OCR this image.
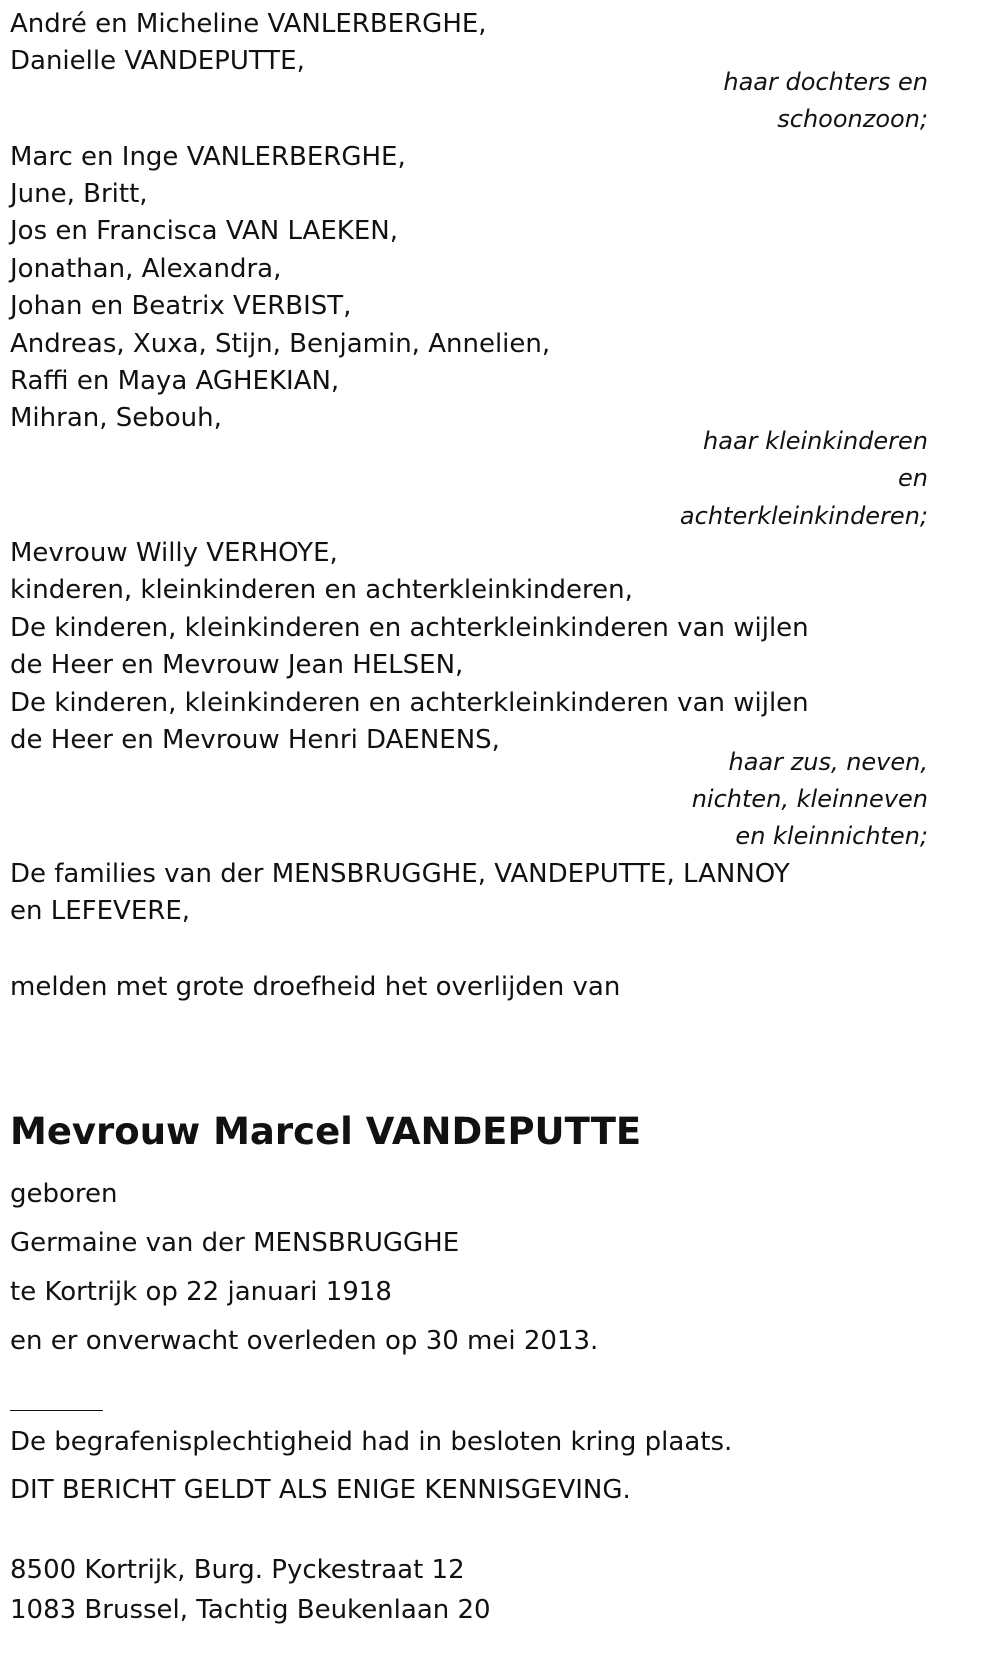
André en Micheline VANLERBERGHE,

Danielle VANDEPUTTE,

haar dochters en

schoonzoon;

Marc en Inge VANLERBERGHE,

June, Britt,

Jos en Francisca VAN LAEKEN,

Jonathan, Alexandra,

Johan en Beatrix VERBIST,

Andreas, Xuxa, Stijn, Benjamin, Annelien,

Raffi en Maya AGHEKIAN,

Mihran, Sebouh,

haar kleinkinderen

en

achterkleinkinderen;

Mevrouw Willy VERHOYE,

kinderen, kleinkinderen en achterkleinkinderen,

De kinderen, kleinkinderen en achterkleinkinderen van wijlen

de Heer en Mevrouw Jean HELSEN,

De kinderen, kleinkinderen en achterkleinkinderen van wijlen

de Heer en Mevrouw Henri DAENENS,

haar zus, neven,

nichten, kleinneven

en kleinnichten;

De families van der MENSBRUGGHE, VANDEPUTTE, LANNOY

en LEFEVERE,

melden met grote droefheid het overlijden van

Mevrouw Marcel VANDEPUTTE

geboren

Germaine van der MENSBRUGGHE

te Kortrijk op 22 januari 1918

en er onverwacht overleden op 30 mei 2013.

De begrafenisplechtigheid had in besloten kring plaats.

DIT BERICHT GELDT ALS ENIGE KENNISGEVING.

8500 Kortrijk, Burg. Pyckestraat 12

1083 Brussel, Tachtig Beukenlaan 20
